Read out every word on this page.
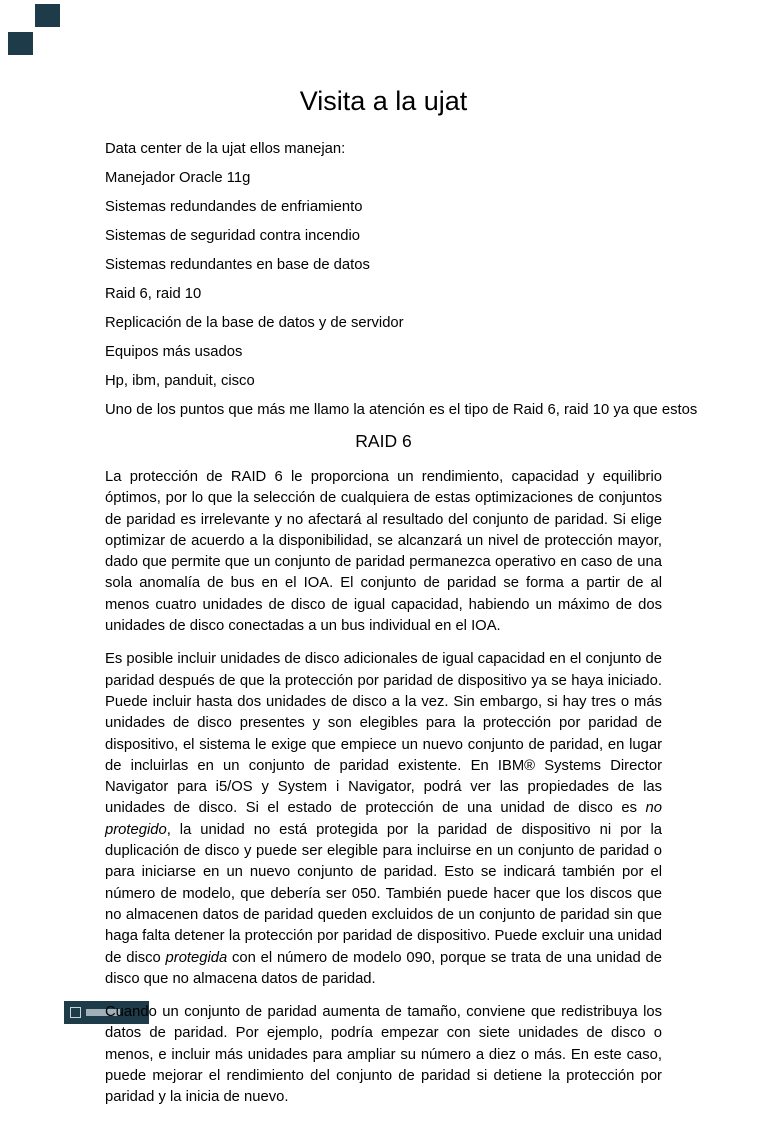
Visita a la ujat

Data center de la ujat ellos manejan:

Manejador Oracle 11g

Sistemas redundandes de enfriamiento

Sistemas de seguridad contra incendio

Sistemas redundantes en base de datos

Raid 6, raid 10

Replicación de la base de datos y de servidor

Equipos más usados

Hp, ibm, panduit, cisco

Uno de los puntos que más me llamo la atención es el tipo de Raid 6, raid 10 ya que estos

RAID 6

La protección de RAID 6 le proporciona un rendimiento, capacidad y equilibrio óptimos, por lo que la selección de cualquiera de estas optimizaciones de conjuntos de paridad es irrelevante y no afectará al resultado del conjunto de paridad. Si elige optimizar de acuerdo a la disponibilidad, se alcanzará un nivel de protección mayor, dado que permite que un conjunto de paridad permanezca operativo en caso de una sola anomalía de bus en el IOA. El conjunto de paridad se forma a partir de al menos cuatro unidades de disco de igual capacidad, habiendo un máximo de dos unidades de disco conectadas a un bus individual en el IOA.

Es posible incluir unidades de disco adicionales de igual capacidad en el conjunto de paridad después de que la protección por paridad de dispositivo ya se haya iniciado. Puede incluir hasta dos unidades de disco a la vez. Sin embargo, si hay tres o más unidades de disco presentes y son elegibles para la protección por paridad de dispositivo, el sistema le exige que empiece un nuevo conjunto de paridad, en lugar de incluirlas en un conjunto de paridad existente. En IBM® Systems Director Navigator para i5/OS y System i Navigator, podrá ver las propiedades de las unidades de disco. Si el estado de protección de una unidad de disco es no protegido, la unidad no está protegida por la paridad de dispositivo ni por la duplicación de disco y puede ser elegible para incluirse en un conjunto de paridad o para iniciarse en un nuevo conjunto de paridad. Esto se indicará también por el número de modelo, que debería ser 050. También puede hacer que los discos que no almacenen datos de paridad queden excluidos de un conjunto de paridad sin que haga falta detener la protección por paridad de dispositivo. Puede excluir una unidad de disco protegida con el número de modelo 090, porque se trata de una unidad de disco que no almacena datos de paridad.

Cuando un conjunto de paridad aumenta de tamaño, conviene que redistribuya los datos de paridad. Por ejemplo, podría empezar con siete unidades de disco o menos, e incluir más unidades para ampliar su número a diez o más. En este caso, puede mejorar el rendimiento del conjunto de paridad si detiene la protección por paridad y la inicia de nuevo.
